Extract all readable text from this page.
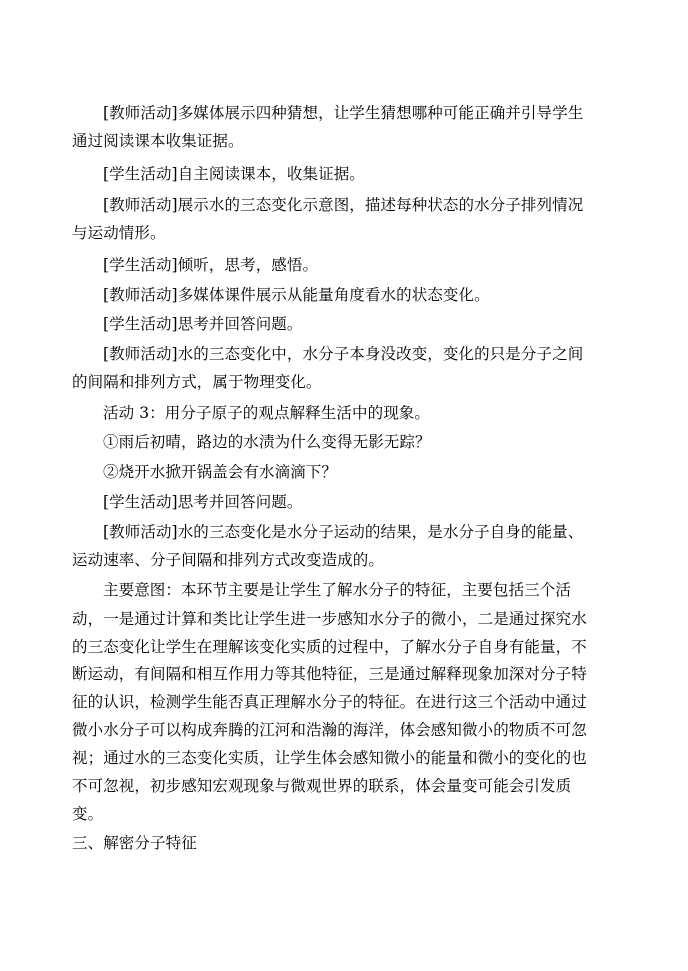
[教师活动]多媒体展示四种猜想，让学生猜想哪种可能正确并引导学生
通过阅读课本收集证据。
[学生活动]自主阅读课本，收集证据。
[教师活动]展示水的三态变化示意图，描述每种状态的水分子排列情况
与运动情形。
[学生活动]倾听，思考，感悟。
[教师活动]多媒体课件展示从能量角度看水的状态变化。
[学生活动]思考并回答问题。
[教师活动]水的三态变化中，水分子本身没改变，变化的只是分子之间
的间隔和排列方式，属于物理变化。
活动 3：用分子原子的观点解释生活中的现象。
①雨后初晴，路边的水渍为什么变得无影无踪？
②烧开水掀开锅盖会有水滴滴下？
[学生活动]思考并回答问题。
[教师活动]水的三态变化是水分子运动的结果，是水分子自身的能量、
运动速率、分子间隔和排列方式改变造成的。
主要意图：本环节主要是让学生了解水分子的特征，主要包括三个活
动，一是通过计算和类比让学生进一步感知水分子的微小，二是通过探究水
的三态变化让学生在理解该变化实质的过程中，了解水分子自身有能量，不
断运动，有间隔和相互作用力等其他特征，三是通过解释现象加深对分子特
征的认识，检测学生能否真正理解水分子的特征。在进行这三个活动中通过
微小水分子可以构成奔腾的江河和浩瀚的海洋，体会感知微小的物质不可忽
视；通过水的三态变化实质，让学生体会感知微小的能量和微小的变化的也
不可忽视，初步感知宏观现象与微观世界的联系，体会量变可能会引发质
变。
三、解密分子特征
